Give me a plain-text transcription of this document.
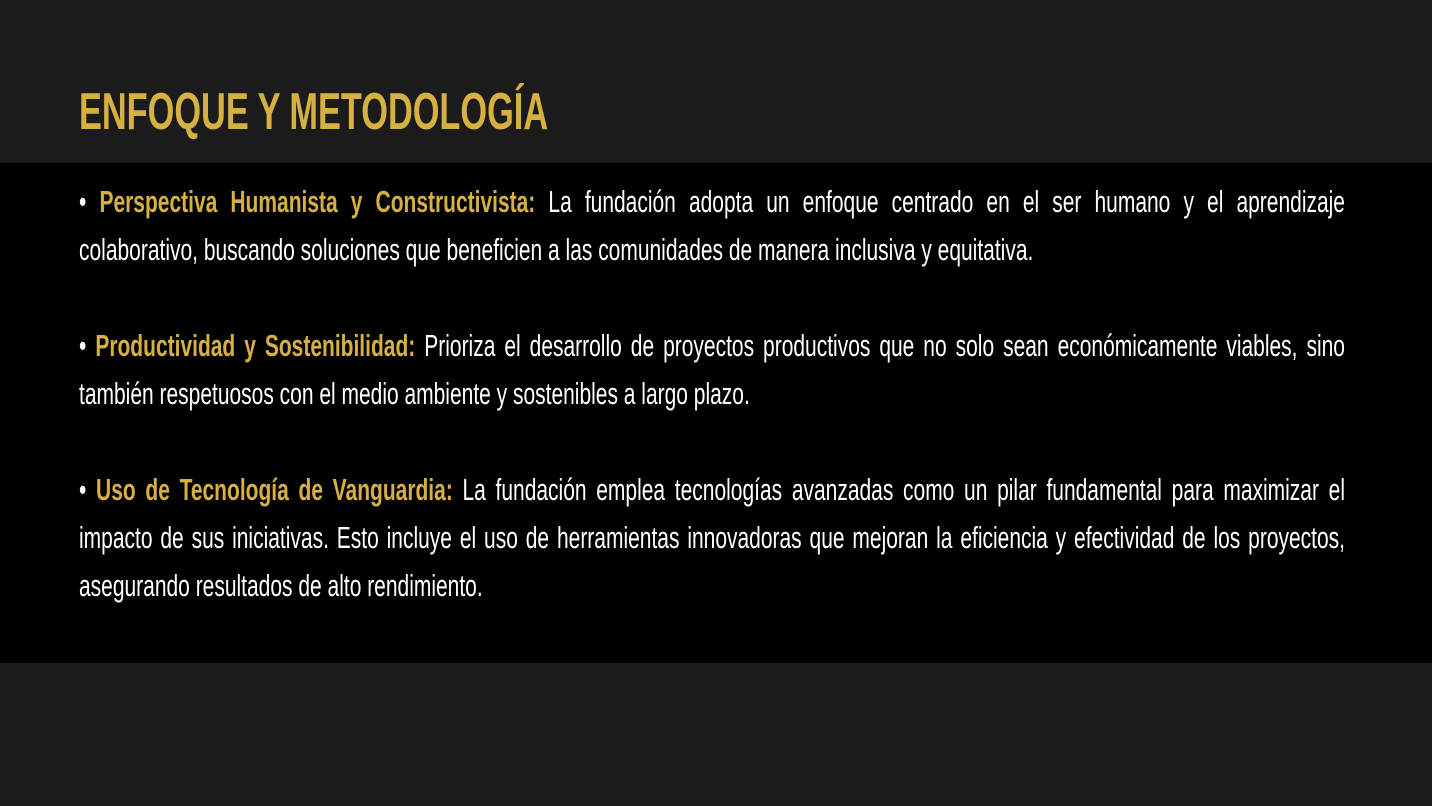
ENFOQUE Y METODOLOGÍA

• Perspectiva Humanista y Constructivista: La fundación adopta un enfoque centrado en el ser humano y el aprendizaje colaborativo, buscando soluciones que beneficien a las comunidades de manera inclusiva y equitativa.

• Productividad y Sostenibilidad: Prioriza el desarrollo de proyectos productivos que no solo sean económicamente viables, sino también respetuosos con el medio ambiente y sostenibles a largo plazo.

• Uso de Tecnología de Vanguardia: La fundación emplea tecnologías avanzadas como un pilar fundamental para maximizar el impacto de sus iniciativas. Esto incluye el uso de herramientas innovadoras que mejoran la eficiencia y efectividad de los proyectos, asegurando resultados de alto rendimiento.
